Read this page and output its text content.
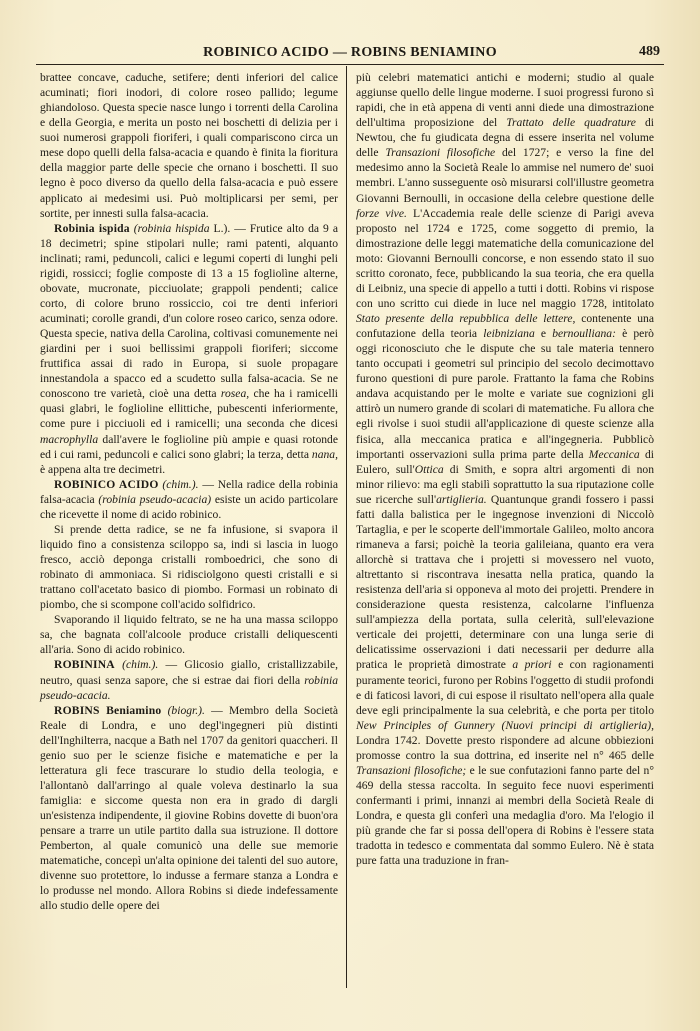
ROBINICO ACIDO — ROBINS BENIAMINO	489

brattee concave, caduche, setifere; denti inferiori del calice acuminati; fiori inodori, di colore roseo pallido; legume ghiandoloso. Questa specie nasce lungo i torrenti della Carolina e della Georgia, e merita un posto nei boschetti di delizia per i suoi numerosi grappoli fioriferi, i quali compariscono circa un mese dopo quelli della falsa-acacia e quando è finita la fioritura della maggior parte delle specie che ornano i boschetti. Il suo legno è poco diverso da quello della falsa-acacia e può essere applicato ai medesimi usi. Può moltiplicarsi per semi, per sortite, per innesti sulla falsa-acacia.

Robinia ispida (robinia hispida L.). — Frutice alto da 9 a 18 decimetri; spine stipolari nulle; rami patenti, alquanto inclinati; rami, peduncoli, calici e legumi coperti di lunghi peli rigidi, rossicci; foglie composte di 13 a 15 fogliolìne alterne, obovate, mucronate, picciuolate; grappoli pendenti; calice corto, di colore bruno rossiccio, coi tre denti inferiori acuminati; corolle grandi, d'un colore roseo carico, senza odore. Questa specie, nativa della Carolina, coltivasi comunemente nei giardini per i suoi bellissimi grappoli fioriferi; siccome fruttifica assai di rado in Europa, si suole propagare innestandola a spacco ed a scudetto sulla falsa-acacia. Se ne conoscono tre varietà, cioè una detta rosea, che ha i ramicelli quasi glabri, le foglioline ellittiche, pubescenti inferiormente, come pure i picciuoli ed i ramicelli; una seconda che dicesi macrophylla dall'avere le foglioline più ampie e quasi rotonde ed i cui rami, peduncoli e calici sono glabri; la terza, detta nana, è appena alta tre decimetri.

ROBINICO ACIDO (chim.). — Nella radice della robinia falsa-acacia (robinia pseudo-acacia) esiste un acido particolare che ricevette il nome di acido robinico.

Si prende detta radice, se ne fa infusione, si svapora il liquido fino a consistenza sciloppo sa, indi si lascia in luogo fresco, acciò deponga cristalli romboedrici, che sono di robinato di ammoniaca. Si ridisciolgono questi cristalli e si trattano coll'acetato basico di piombo. Formasi un robinato di piombo, che si scompone coll'acido solfidrico.

Svaporando il liquido feltrato, se ne ha una massa sciloppo sa, che bagnata coll'alcoole produce cristalli deliquescenti all'aria. Sono di acido robinico.

ROBININA (chim.). — Glicosio giallo, cristallizzabile, neutro, quasi senza sapore, che si estrae dai fiori della robinia pseudo-acacia.

ROBINS Beniamino (biogr.). — Membro della Società Reale di Londra, e uno degl'ingegneri più distinti dell'Inghilterra, nacque a Bath nel 1707 da genitori quaccheri. Il genio suo per le scienze fisiche e matematiche e per la letteratura gli fece trascurare lo studio della teologia, e l'allontanò dall'arringo al quale voleva destinarlo la sua famiglia: e siccome questa non era in grado di dargli un'esistenza indipendente, il giovine Robins dovette di buon'ora pensare a trarre un utile partito dalla sua istruzione. Il dottore Pemberton, al quale comunicò una delle sue memorie matematiche, concepì un'alta opinione dei talenti del suo autore, divenne suo protettore, lo indusse a fermare stanza a Londra e lo produsse nel mondo. Allora Robins si diede indefessamente allo studio delle opere dei

più celebri matematici antichi e moderni; studio al quale aggiunse quello delle lingue moderne. I suoi progressi furono sì rapidi, che in età appena di venti anni diede una dimostrazione dell'ultima proposizione del Trattato delle quadrature di Newtou, che fu giudicata degna di essere inserita nel volume delle Transazioni filosofiche del 1727; e verso la fine del medesimo anno la Società Reale lo ammise nel numero de' suoi membri. L'anno susseguente osò misurarsi coll'illustre geometra Giovanni Bernoulli, in occasione della celebre questione delle forze vive. L'Accademia reale delle scienze di Parigi aveva proposto nel 1724 e 1725, come soggetto di premio, la dimostrazione delle leggi matematiche della comunicazione del moto: Giovanni Bernoulli concorse, e non essendo stato il suo scritto coronato, fece, pubblicando la sua teoria, che era quella di Leibniz, una specie di appello a tutti i dotti. Robins vi rispose con uno scritto cui diede in luce nel maggio 1728, intitolato Stato presente della repubblica delle lettere, contenente una confutazione della teoria leibniziana e bernoulliana: è però oggi riconosciuto che le dispute che su tale materia tennero tanto occupati i geometri sul principio del secolo decimottavo furono questioni di pure parole. Frattanto la fama che Robins andava acquistando per le molte e variate sue cognizioni gli attirò un numero grande di scolari di matematiche. Fu allora che egli rivolse i suoi studii all'applicazione di queste scienze alla fisica, alla meccanica pratica e all'ingegneria. Pubblicò importanti osservazioni sulla prima parte della Meccanica di Eulero, sull'Ottica di Smith, e sopra altri argomenti di non minor rilievo: ma egli stabilì soprattutto la sua riputazione colle sue ricerche sull'artiglieria. Quantunque grandi fossero i passi fatti dalla balistica per le ingegnose invenzioni di Niccolò Tartaglia, e per le scoperte dell'immortale Galileo, molto ancora rimaneva a farsi; poichè la teoria galileiana, quanto era vera allorchè si trattava che i projetti si movessero nel vuoto, altrettanto si riscontrava inesatta nella pratica, quando la resistenza dell'aria si opponeva al moto dei projetti. Prendere in considerazione questa resistenza, calcolarne l'influenza sull'ampiezza della portata, sulla celerità, sull'elevazione verticale dei projetti, determinare con una lunga serie di delicatissime osservazioni i dati necessarii per dedurre alla pratica le proprietà dimostrate a priori e con ragionamenti puramente teorici, furono per Robins l'oggetto di studii profondi e di faticosi lavori, di cui espose il risultato nell'opera alla quale deve egli principalmente la sua celebrità, e che porta per titolo New Principles of Gunnery (Nuovi principi di artiglieria), Londra 1742. Dovette presto rispondere ad alcune obbiezioni promosse contro la sua dottrina, ed inserite nel n° 465 delle Transazioni filosofiche; e le sue confutazioni fanno parte del n° 469 della stessa raccolta. In seguito fece nuovi esperimenti confermanti i primi, innanzi ai membri della Società Reale di Londra, e questa gli conferì una medaglia d'oro. Ma l'elogio il più grande che far si possa dell'opera di Robins è l'essere stata tradotta in tedesco e commentata dal sommo Eulero. Nè è stata pure fatta una traduzione in fran-
